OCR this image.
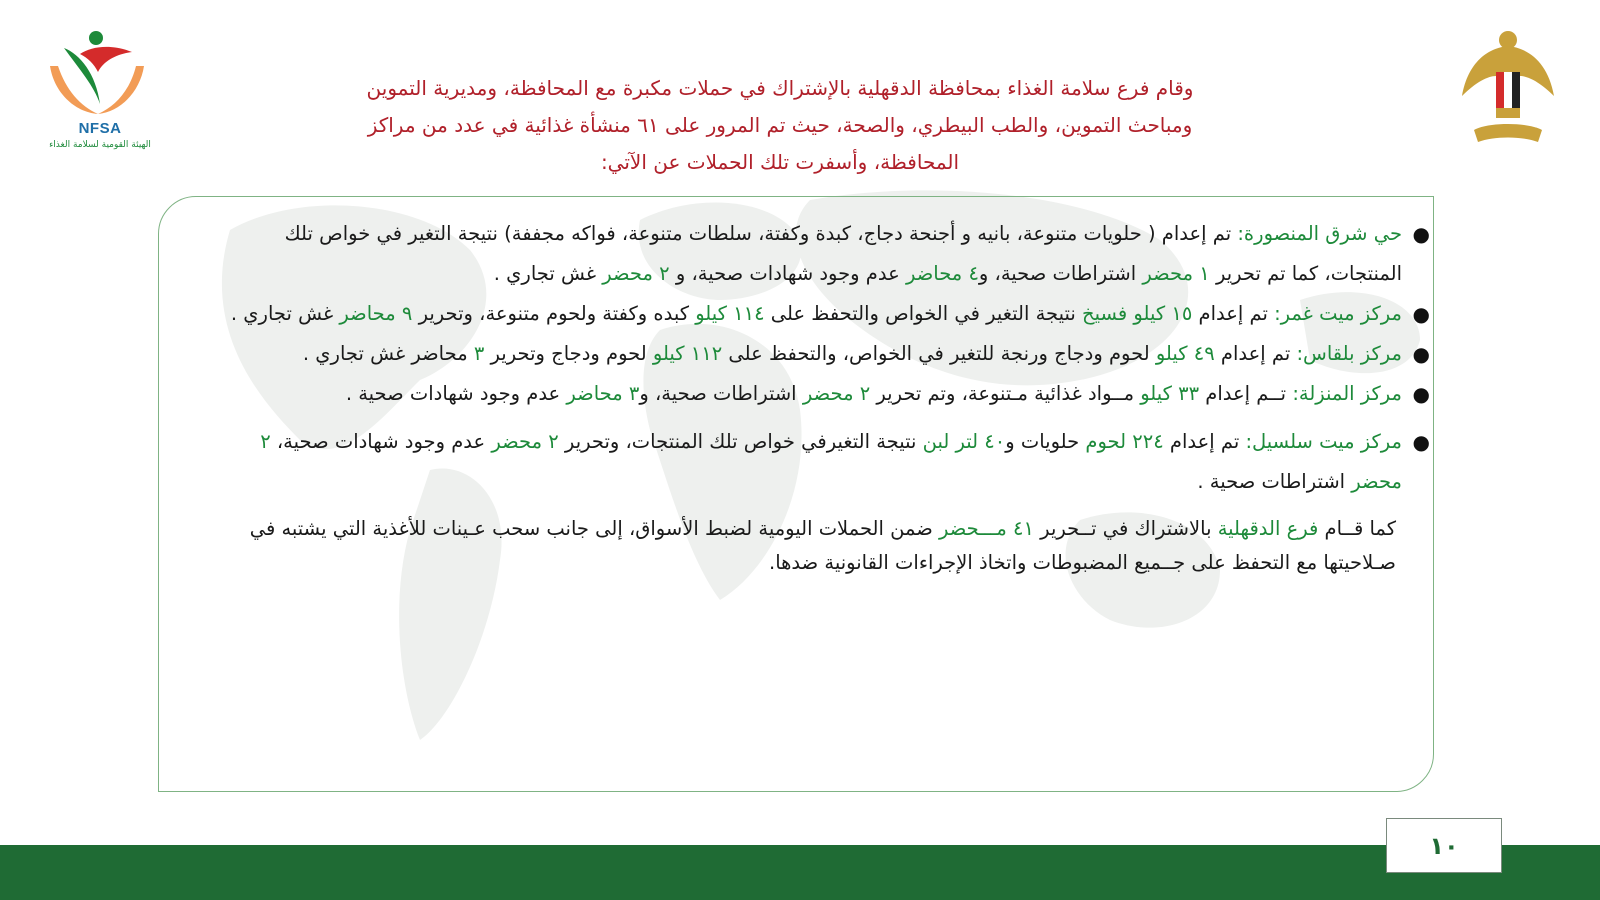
NFSA
الهيئة القومية لسلامة الغذاء
وقام فرع سلامة الغذاء بمحافظة الدقهلية بالإشتراك في حملات مكبرة مع المحافظة، ومديرية التموين
ومباحث التموين، والطب البيطري، والصحة، حيث تم المرور على ٦١ منشأة غذائية في عدد من مراكز
المحافظة، وأسفرت تلك الحملات عن الآتي:
● حي شرق المنصورة: تم إعدام ( حلويات متنوعة، بانيه و أجنحة دجاج، كبدة وكفتة، سلطات متنوعة، فواكه مجففة) نتيجة التغير في خواص تلك المنتجات، كما تم تحرير ١ محضر اشتراطات صحية، و٤ محاضر عدم وجود شهادات صحية، و ٢ محضر غش تجاري .
● مركز ميت غمر: تم إعدام ١٥ كيلو فسيخ نتيجة التغير في الخواص والتحفظ على ١١٤ كيلو كبده وكفتة ولحوم متنوعة، وتحرير ٩ محاضر غش تجاري .
● مركز بلقاس: تم إعدام ٤٩ كيلو لحوم ودجاج ورنجة للتغير في الخواص، والتحفظ على ١١٢ كيلو لحوم ودجاج وتحرير ٣ محاضر غش تجاري .
● مركز المنزلة: تــم إعدام ٣٣ كيلو مــواد غذائية مـتنوعة، وتم تحرير ٢ محضر اشتراطات صحية، و٣ محاضر عدم وجود شهادات صحية .
● مركز ميت سلسيل: تم إعدام ٢٢٤ لحوم حلويات و٤٠ لتر لبن نتيجة التغيرفي خواص تلك المنتجات، وتحرير ٢ محضر عدم وجود شهادات صحية، ٢ محضر اشتراطات صحية .
كما قــام فرع الدقهلية بالاشتراك في تــحرير ٤١ مـــحضر ضمن الحملات اليومية لضبط الأسواق، إلى جانب سحب عـينات للأغذية التي يشتبه في صـلاحيتها مع التحفظ على جــميع المضبوطات واتخاذ الإجراءات القانونية ضدها.
١٠
